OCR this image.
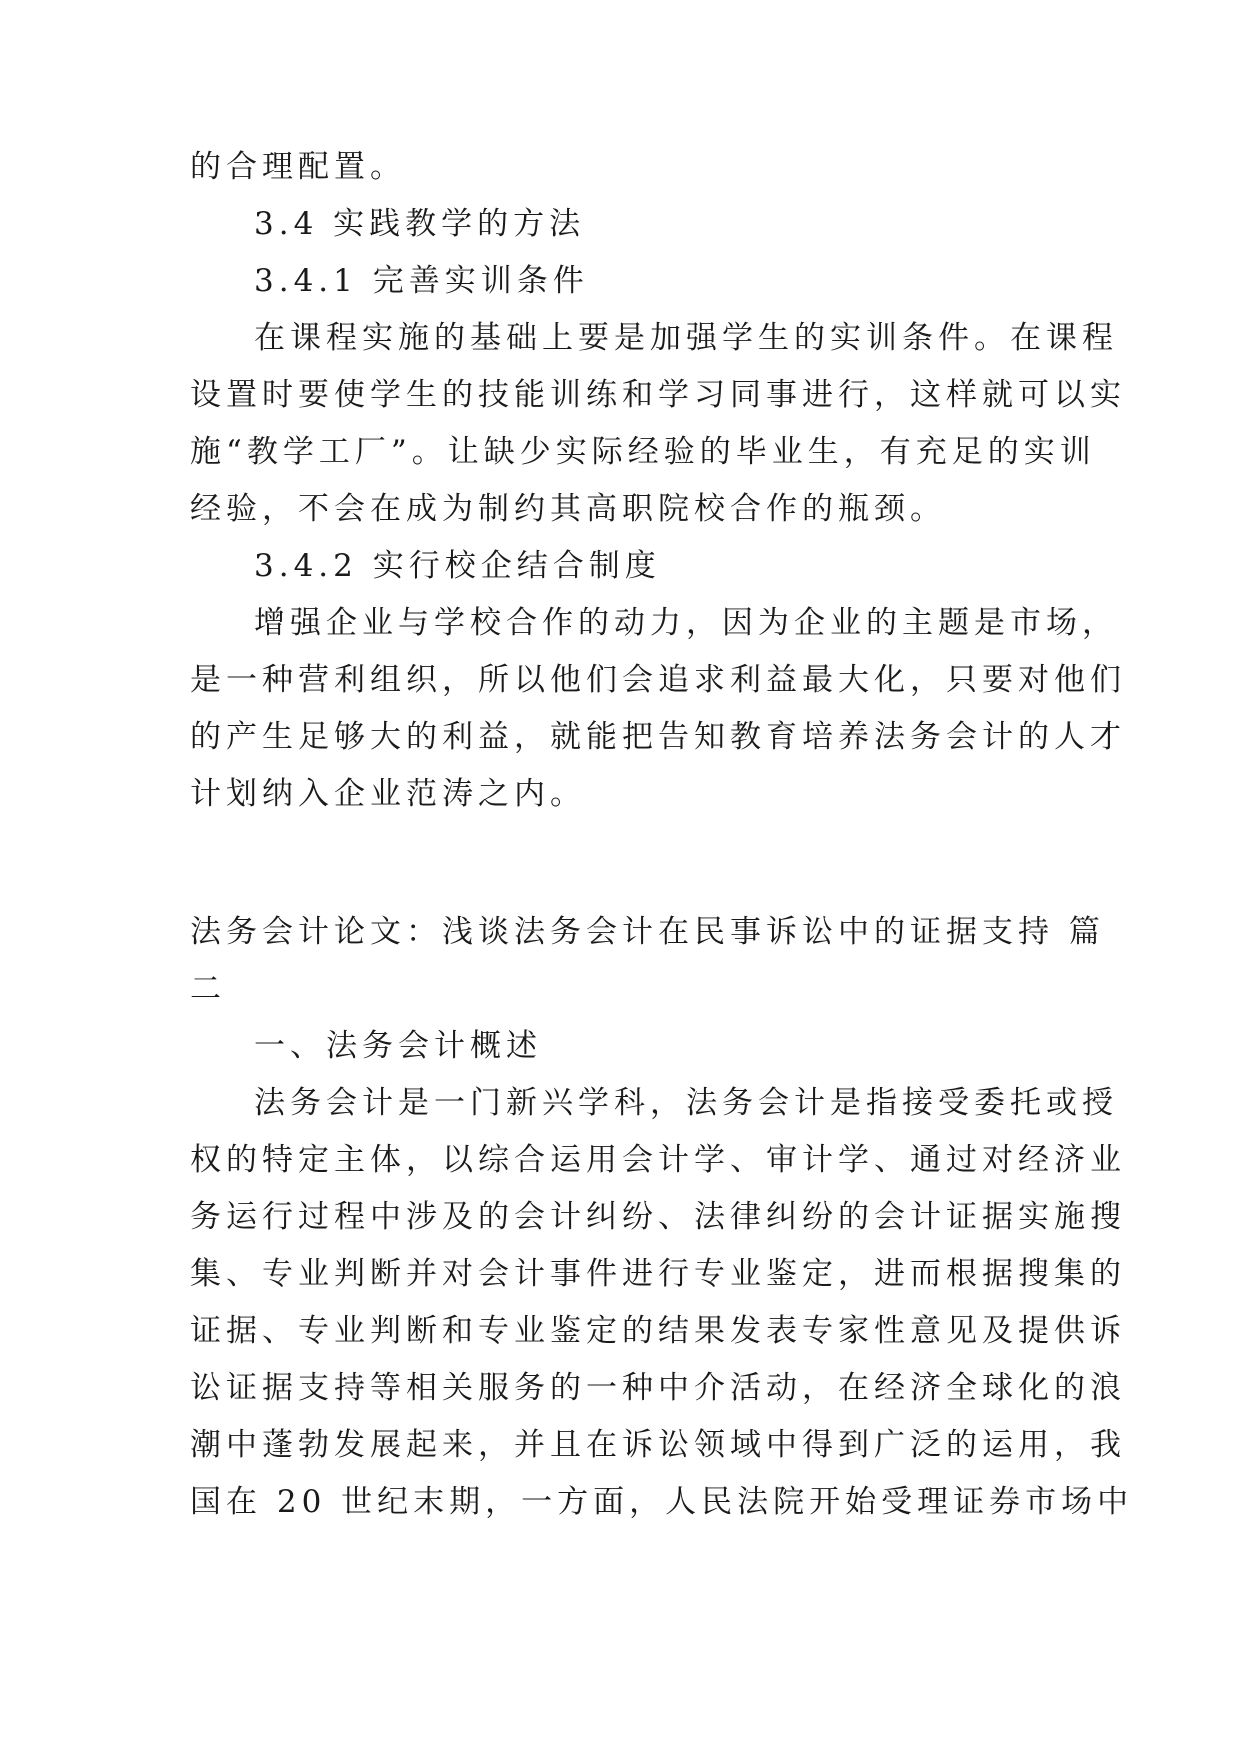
的合理配置。
3.4 实践教学的方法
3.4.1 完善实训条件
在课程实施的基础上要是加强学生的实训条件。在课程
设置时要使学生的技能训练和学习同事进行，这样就可以实
施“教学工厂”。让缺少实际经验的毕业生，有充足的实训
经验，不会在成为制约其高职院校合作的瓶颈。
3.4.2 实行校企结合制度
增强企业与学校合作的动力，因为企业的主题是市场，
是一种营利组织，所以他们会追求利益最大化，只要对他们
的产生足够大的利益，就能把告知教育培养法务会计的人才
计划纳入企业范涛之内。
法务会计论文：浅谈法务会计在民事诉讼中的证据支持 篇
二
一、法务会计概述
法务会计是一门新兴学科，法务会计是指接受委托或授
权的特定主体，以综合运用会计学、审计学、通过对经济业
务运行过程中涉及的会计纠纷、法律纠纷的会计证据实施搜
集、专业判断并对会计事件进行专业鉴定，进而根据搜集的
证据、专业判断和专业鉴定的结果发表专家性意见及提供诉
讼证据支持等相关服务的一种中介活动，在经济全球化的浪
潮中蓬勃发展起来，并且在诉讼领域中得到广泛的运用，我
国在 20 世纪末期，一方面，人民法院开始受理证券市场中
